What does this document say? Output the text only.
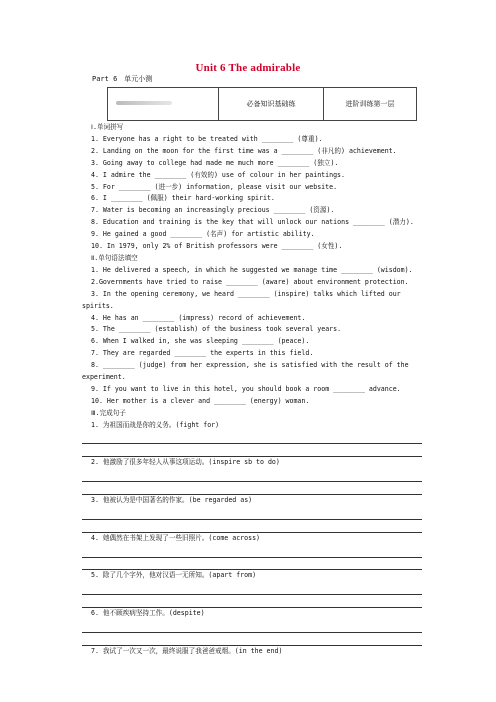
Unit 6 The admirable
Part 6　单元小测
必备知识基础练	进阶训练第一层
Ⅰ.单词拼写
1. Everyone has a right to be treated with ________ (尊重).
2. Landing on the moon for the first time was a ________ (非凡的) achievement.
3. Going away to college had made me much more ________ (独立).
4. I admire the ________ (有效的) use of colour in her paintings.
5. For ________ (进一步) information, please visit our website.
6. I ________ (佩服) their hard-working spirit.
7. Water is becoming an increasingly precious ________ (资源).
8. Education and training is the key that will unlock our nations ________ (潜力).
9. He gained a good ________ (名声) for artistic ability.
10. In 1979, only 2% of British professors were ________ (女性).
Ⅱ.单句语法填空
1. He delivered a speech, in which he suggested we manage time ________ (wisdom).
2.Governments have tried to raise ________ (aware) about environment protection.
3. In the opening ceremony, we heard ________ (inspire) talks which lifted our spirits.
4. He has an ________ (impress) record of achievement.
5. The ________ (establish) of the business took several years.
6. When I walked in, she was sleeping ________ (peace).
7. They are regarded ________ the experts in this field.
8. ________ (judge) from her expression, she is satisfied with the result of the experiment.
9. If you want to live in this hotel, you should book a room ________ advance.
10. Her mother is a clever and ________ (energy) woman.
Ⅲ.完成句子
1. 为祖国而战是你的义务。(fight for)
2. 他激励了很多年轻人从事这项运动。(inspire sb to do)
3. 他被认为是中国著名的作家。(be regarded as)
4. 她偶然在书架上发现了一些旧照片。(come across)
5. 除了几个字外，他对汉语一无所知。(apart from)
6. 他不顾疾病坚持工作。(despite)
7. 我试了一次又一次，最终说服了我爸爸戒烟。(in the end)
